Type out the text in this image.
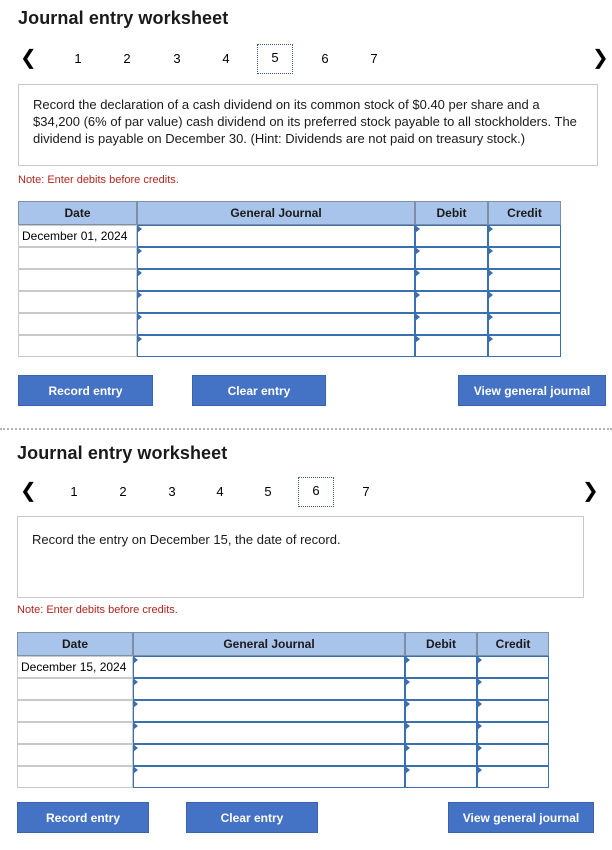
Journal entry worksheet
❮	1	2	3	4	5	6	7	❯
Record the declaration of a cash dividend on its common stock of $0.40 per share and a $34,200 (6% of par value) cash dividend on its preferred stock payable to all stockholders. The dividend is payable on December 30. (Hint: Dividends are not paid on treasury stock.)
Note: Enter debits before credits.
Date	General Journal	Debit	Credit
December 01, 2024			

Record entry	Clear entry	View general journal
Journal entry worksheet
❮	1	2	3	4	5	6	7	❯
Record the entry on December 15, the date of record.
Note: Enter debits before credits.
Date	General Journal	Debit	Credit
December 15, 2024			

Record entry	Clear entry	View general journal
